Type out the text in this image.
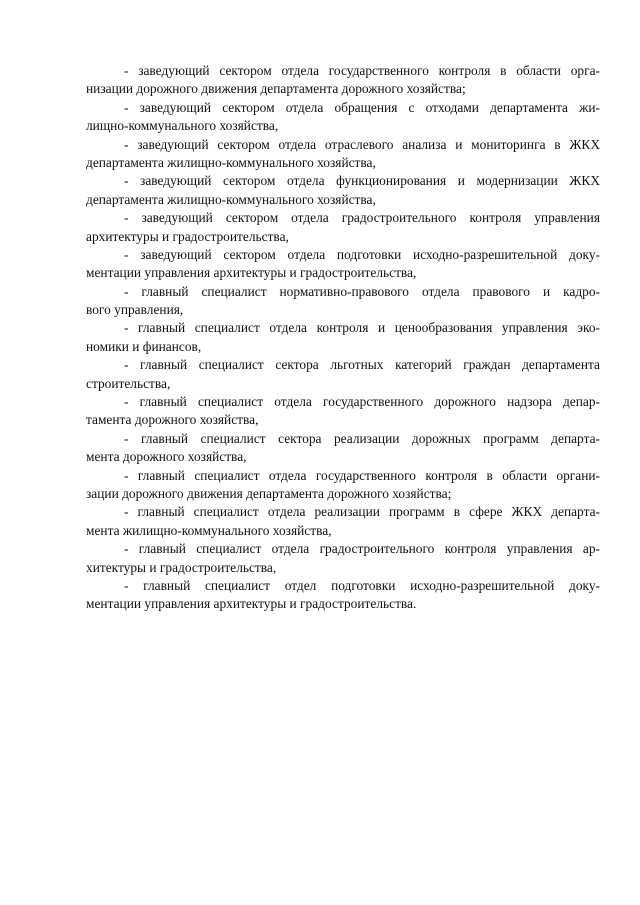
- заведующий сектором отдела государственного контроля в области орга-
низации дорожного движения департамента дорожного хозяйства;
- заведующий сектором отдела обращения с отходами департамента жи-
лищно-коммунального хозяйства,
- заведующий сектором отдела отраслевого анализа и мониторинга в ЖКХ
департамента жилищно-коммунального хозяйства,
- заведующий сектором отдела функционирования и модернизации ЖКХ
департамента жилищно-коммунального хозяйства,
- заведующий сектором отдела градостроительного контроля управления
архитектуры и градостроительства,
- заведующий сектором отдела подготовки исходно-разрешительной доку-
ментации управления архитектуры и градостроительства,
- главный специалист нормативно-правового отдела правового и кадро-
вого управления,
- главный специалист отдела контроля и ценообразования управления эко-
номики и финансов,
- главный специалист сектора льготных категорий граждан департамента
строительства,
- главный специалист отдела государственного дорожного надзора депар-
тамента дорожного хозяйства,
- главный специалист сектора реализации дорожных программ департа-
мента дорожного хозяйства,
- главный специалист отдела государственного контроля в области органи-
зации дорожного движения департамента дорожного хозяйства;
- главный специалист отдела реализации программ в сфере ЖКХ департа-
мента жилищно-коммунального хозяйства,
- главный специалист отдела градостроительного контроля управления ар-
хитектуры и градостроительства,
- главный специалист отдел подготовки исходно-разрешительной доку-
ментации управления архитектуры и градостроительства.
